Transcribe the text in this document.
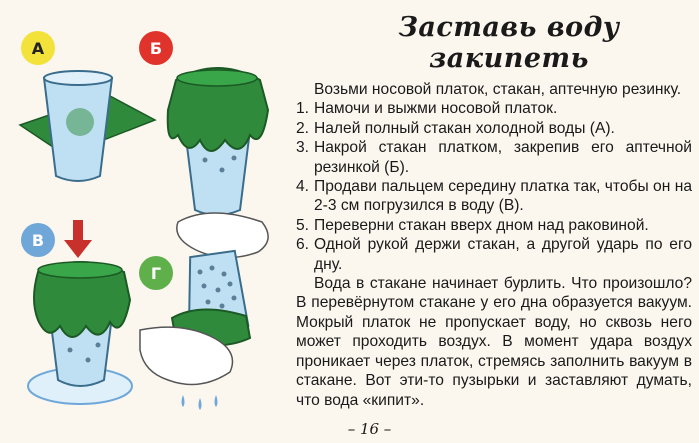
А	Б
В
Г
Заставь воду закипеть

Возьми носовой платок, стакан, аптечную резинку.

1. Намочи и выжми носовой платок.
2. Налей полный стакан холодной воды (А).
3. Накрой стакан платком, закрепив его аптечной резинкой (Б).
4. Продави пальцем середину платка так, чтобы он на 2-3 см погрузился в воду (В).
5. Переверни стакан вверх дном над раковиной.
6. Одной рукой держи стакан, а другой ударь по его дну.

Вода в стакане начинает бурлить. Что произошло? В перевёрнутом стакане у его дна образуется вакуум. Мокрый платок не пропускает воду, но сквозь него может проходить воздух. В момент удара воздух проникает через платок, стремясь заполнить вакуум в стакане. Вот эти-то пузырьки и заставляют думать, что вода «кипит».

– 16 –
